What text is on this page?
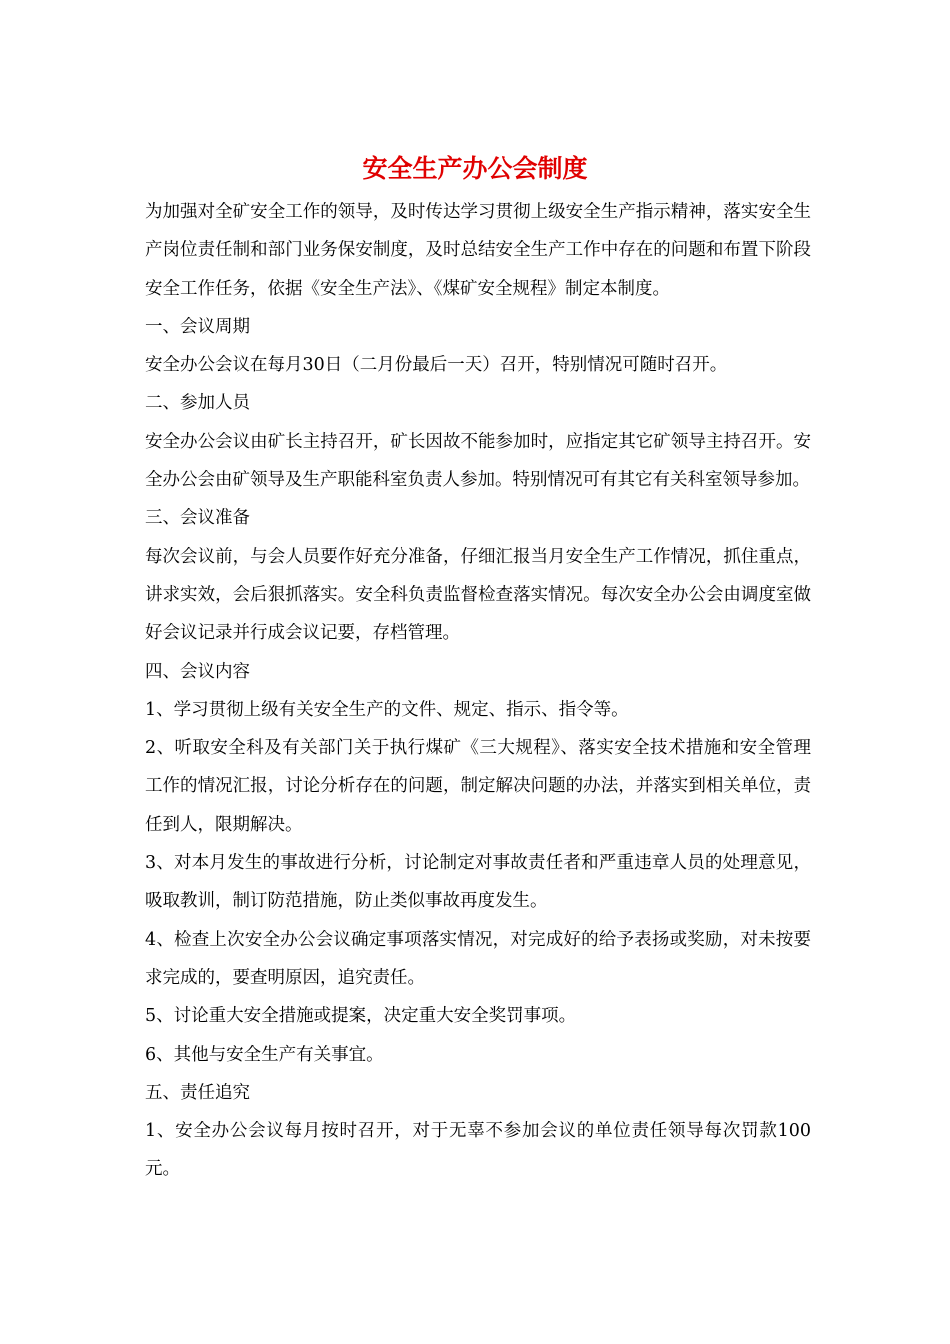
安全生产办公会制度

为加强对全矿安全工作的领导，及时传达学习贯彻上级安全生产指示精神，落实安全生产岗位责任制和部门业务保安制度，及时总结安全生产工作中存在的问题和布置下阶段安全工作任务，依据《安全生产法》、《煤矿安全规程》制定本制度。

一、会议周期

安全办公会议在每月30日（二月份最后一天）召开，特别情况可随时召开。

二、参加人员

安全办公会议由矿长主持召开，矿长因故不能参加时，应指定其它矿领导主持召开。安全办公会由矿领导及生产职能科室负责人参加。特别情况可有其它有关科室领导参加。

三、会议准备

每次会议前，与会人员要作好充分准备，仔细汇报当月安全生产工作情况，抓住重点，讲求实效，会后狠抓落实。安全科负责监督检查落实情况。每次安全办公会由调度室做好会议记录并行成会议记要，存档管理。

四、会议内容

1、学习贯彻上级有关安全生产的文件、规定、指示、指令等。

2、听取安全科及有关部门关于执行煤矿《三大规程》、落实安全技术措施和安全管理工作的情况汇报，讨论分析存在的问题，制定解决问题的办法，并落实到相关单位，责任到人，限期解决。

3、对本月发生的事故进行分析，讨论制定对事故责任者和严重违章人员的处理意见，吸取教训，制订防范措施，防止类似事故再度发生。

4、检查上次安全办公会议确定事项落实情况，对完成好的给予表扬或奖励，对未按要求完成的，要查明原因，追究责任。

5、讨论重大安全措施或提案，决定重大安全奖罚事项。

6、其他与安全生产有关事宜。

五、责任追究

1、安全办公会议每月按时召开，对于无辜不参加会议的单位责任领导每次罚款100元。
